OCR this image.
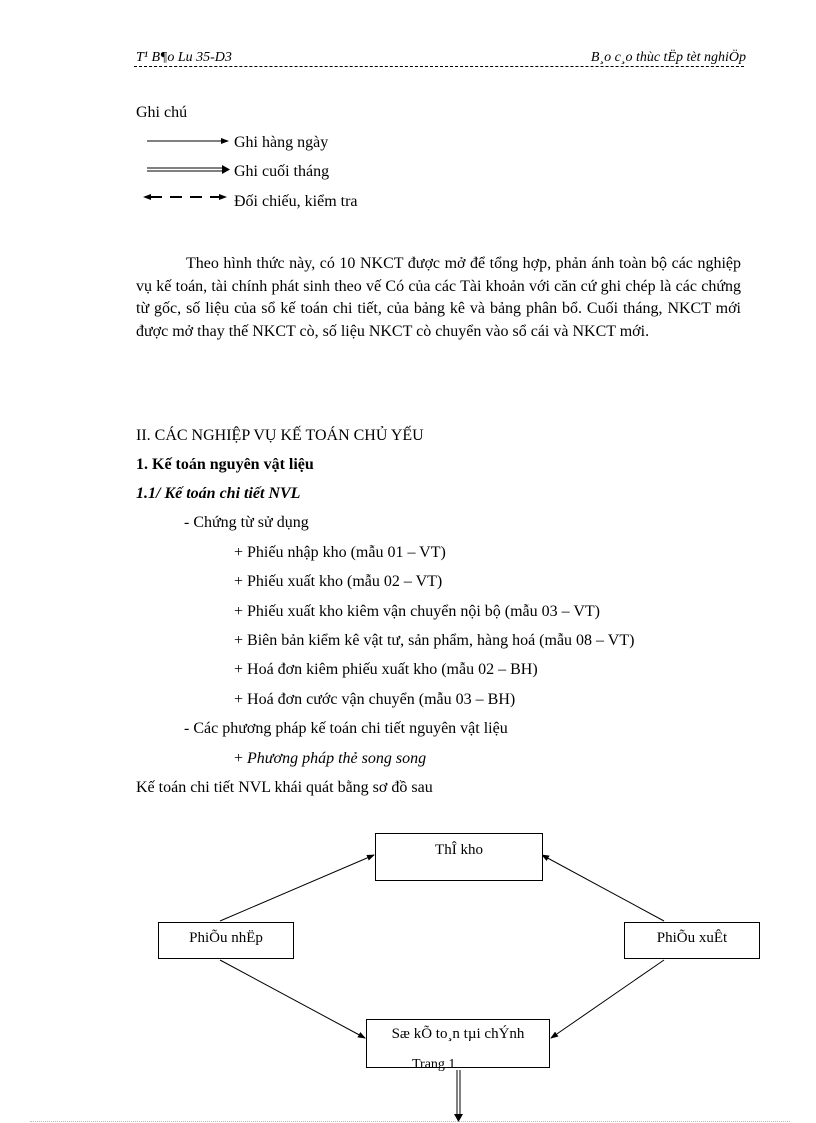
T¹ B¶o Lu 35-D3	B¸o c¸o thùc tËp tèt nghiÖp
Ghi chú
Ghi hàng ngày
Ghi cuối tháng
Đối chiếu, kiểm tra
Theo hình thức này, có 10 NKCT được mở để tổng hợp, phản ánh toàn bộ các nghiệp vụ kế toán, tài chính phát sinh theo vế Có của các Tài khoản với căn cứ ghi chép là các chứng từ gốc, số liệu của sổ kế toán chi tiết, của bảng kê và bảng phân bổ. Cuối tháng, NKCT mới được mở thay thế NKCT cò, số liệu NKCT cò chuyển vào sổ cái và NKCT mới.
II. CÁC NGHIỆP VỤ KẾ TOÁN CHỦ YẾU
1. Kế toán nguyên vật liệu
1.1/ Kế toán chi tiết NVL
- Chứng từ sử dụng
+ Phiếu nhập kho (mẫu 01 – VT)
+ Phiếu xuất kho (mẫu 02 – VT)
+ Phiếu xuất kho kiêm vận chuyển nội bộ (mẫu 03 – VT)
+ Biên bản kiểm kê vật tư, sản phẩm, hàng hoá (mẫu 08 – VT)
+ Hoá đơn kiêm phiếu xuất kho (mẫu 02 – BH)
+ Hoá đơn cước vận chuyển (mẫu 03 – BH)
- Các phương pháp kế toán chi tiết nguyên vật liệu
+ Phương pháp thẻ song song
Kế toán chi tiết NVL khái quát bằng sơ đồ sau
ThÎ kho
PhiÕu nhËp	PhiÕu xuÊt
Trang 1
Sæ kÕ to¸n tµi chÝnh
